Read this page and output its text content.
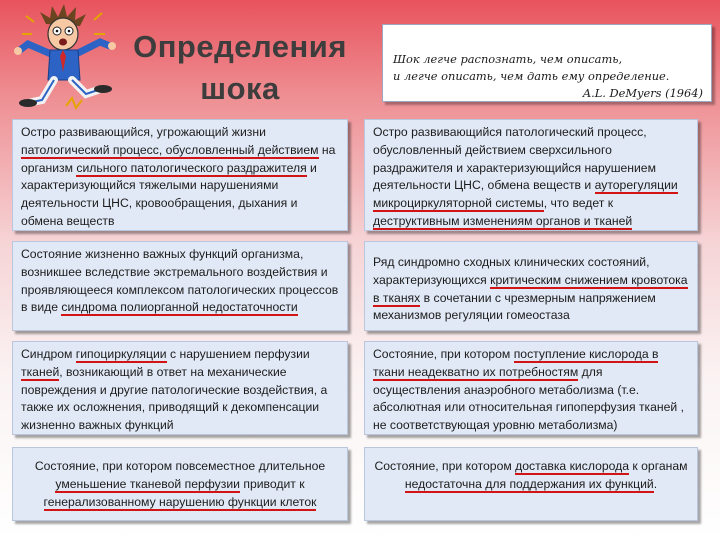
Определения
шока
Шок легче распознать, чем описать,
и легче описать, чем дать ему определение.
A.L. DeMyers (1964)
Остро развивающийся, угрожающий жизни патологический процесс, обусловленный действием на организм сильного патологического раздражителя и характеризующийся тяжелыми нарушениями деятельности ЦНС, кровообращения, дыхания и обмена веществ
Остро развивающийся патологический процесс, обусловленный действием сверхсильного раздражителя и характеризующийся нарушением деятельности ЦНС, обмена веществ и ауторегуляции микроциркуляторной системы, что ведет к деструктивным изменениям органов и тканей
Состояние жизненно важных функций организма, возникшее вследствие экстремального воздействия и проявляющееся комплексом патологических процессов в виде синдрома полиорганной недостаточности
Ряд синдромно сходных клинических состояний, характеризующихся критическим снижением кровотока в тканях в сочетании с чрезмерным напряжением механизмов регуляции гомеостаза
Синдром гипоциркуляции с нарушением перфузии тканей, возникающий в ответ на механические повреждения и другие патологические воздействия, а также их осложнения, приводящий к декомпенсации жизненно важных функций
Состояние, при котором поступление кислорода в ткани неадекватно их потребностям для осуществления анаэробного метаболизма (т.е. абсолютная или относительная гипоперфузия тканей , не соответствующая уровню метаболизма)
Состояние, при котором повсеместное длительное уменьшение тканевой перфузии приводит к генерализованному нарушению функции клеток
Состояние, при котором доставка кислорода к органам недостаточна для поддержания их функций.
